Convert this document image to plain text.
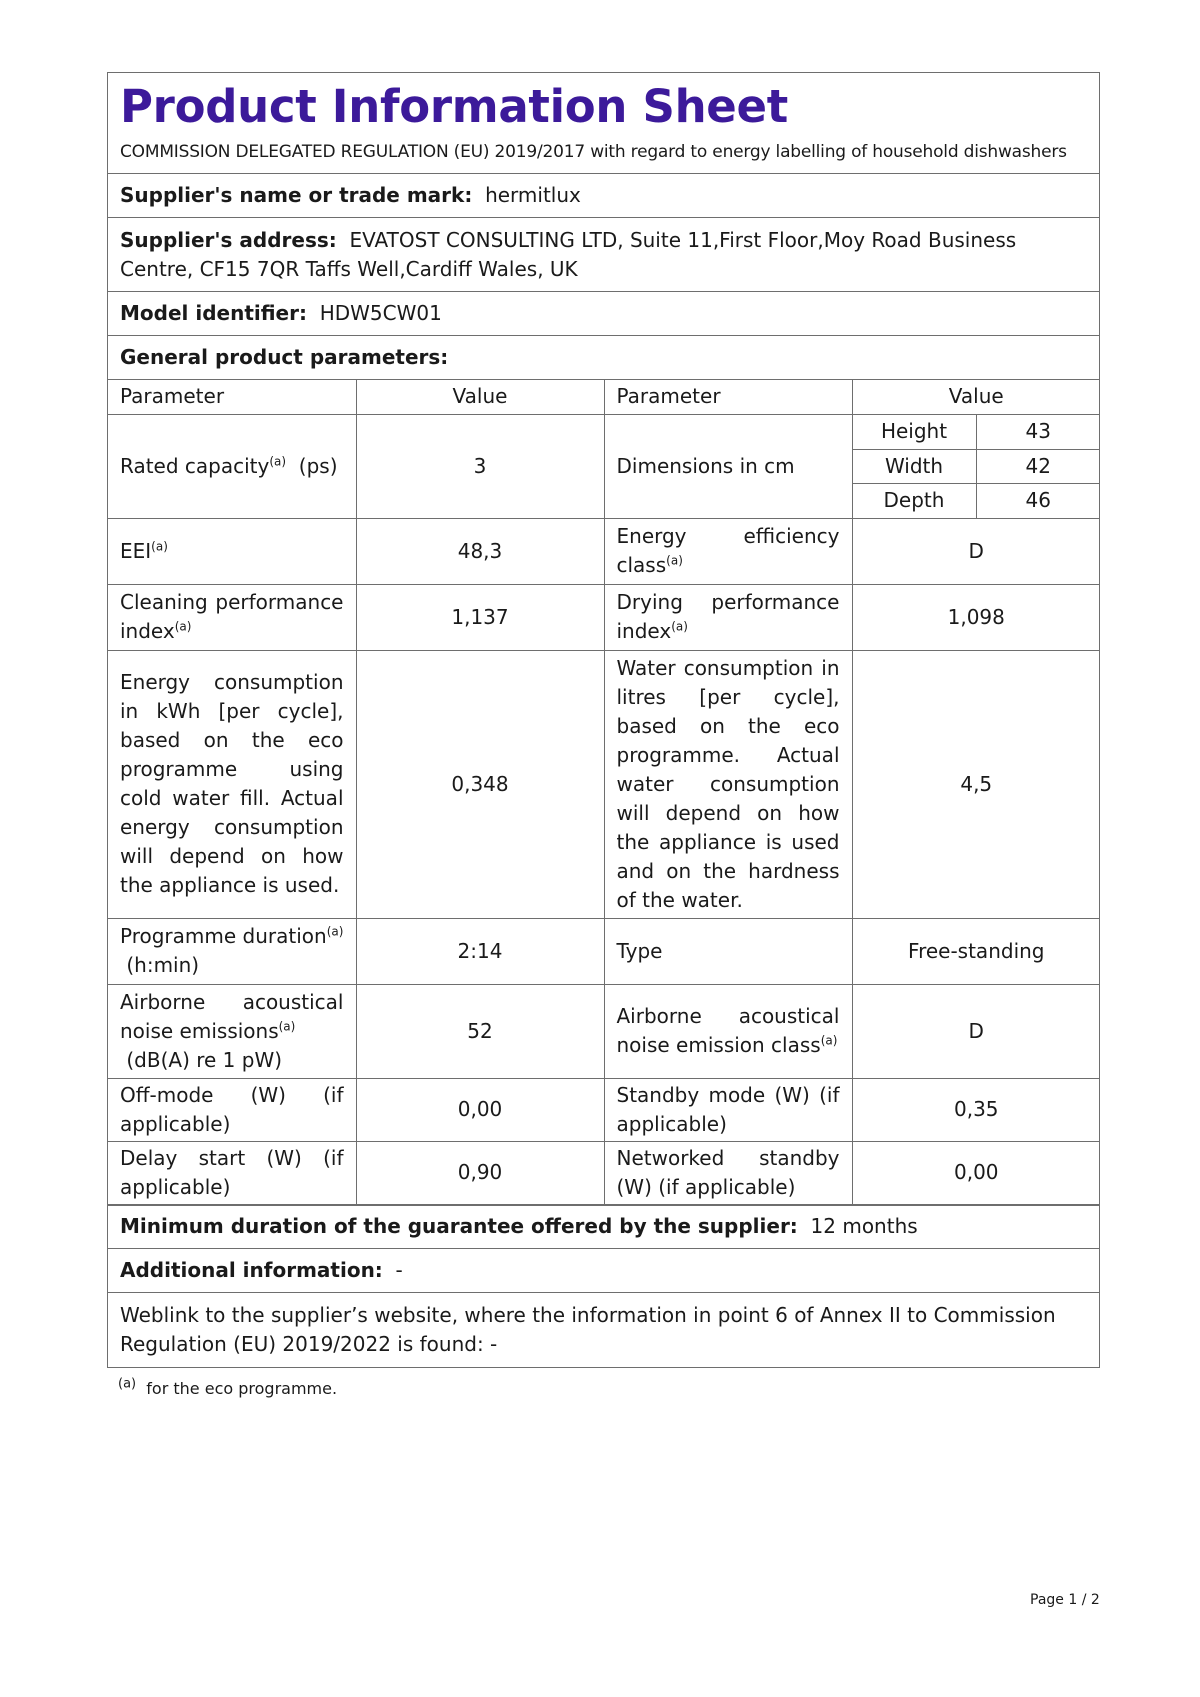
Product Information Sheet
COMMISSION DELEGATED REGULATION (EU) 2019/2017 with regard to energy labelling of household dishwashers
Supplier's name or trade mark: hermitlux
Supplier's address: EVATOST CONSULTING LTD, Suite 11,First Floor,Moy Road Business Centre, CF15 7QR Taffs Well,Cardiff Wales, UK
Model identifier: HDW5CW01
General product parameters:
Parameter	Value	Parameter	Value	
Rated capacity$^{(a)}$ (ps)	3	Dimensions in cm	Height	43
			Width	42
			Depth	46
EEI$^{(a)}$	48,3	Energy efficiency class$^{(a)}$	D	
Cleaning performance index$^{(a)}$	1,137	Drying performance index$^{(a)}$	1,098	
Energy consumption in kWh [per cycle], based on the eco programme using cold water fill. Actual energy consumption will depend on how the appliance is used.	0,348	Water consumption in litres [per cycle], based on the eco programme. Actual water consumption will depend on how the appliance is used and on the hardness of the water.	4,5	
Programme duration$^{(a)}$
(h:min)	2:14	Type	Free-standing	
Airborne acoustical noise emissions$^{(a)}$
(dB(A) re 1 pW)	52	Airborne acoustical noise emission class$^{(a)}$	D	
Off-mode (W) (if applicable)	0,00	Standby mode (W) (if applicable)	0,35	
Delay start (W) (if applicable)	0,90	Networked standby (W) (if applicable)	0,00	
Minimum duration of the guarantee offered by the supplier: 12 months
Additional information: -
Weblink to the supplier’s website, where the information in point 6 of Annex II to Commission Regulation (EU) 2019/2022 is found: -
$^{(a)}$ for the eco programme.
Page 1 / 2
